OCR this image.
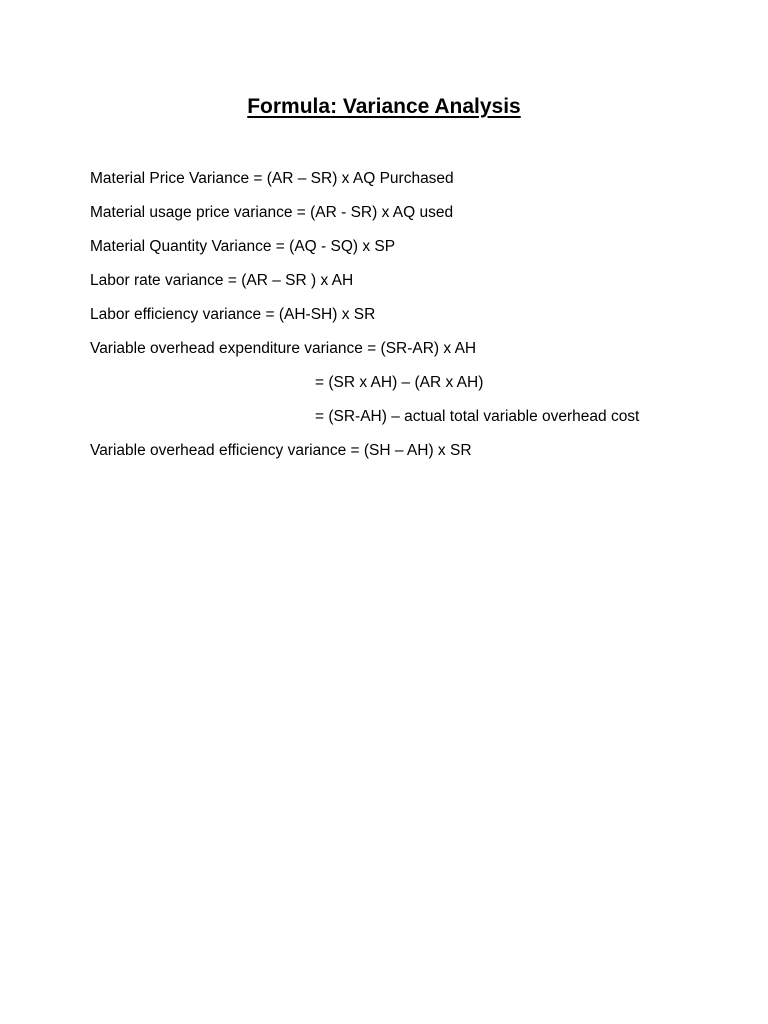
Formula: Variance Analysis
Material Price Variance = (AR – SR) x AQ Purchased
Material usage price variance = (AR - SR) x AQ used
Material Quantity Variance = (AQ - SQ) x SP
Labor rate variance = (AR – SR ) x AH
Labor efficiency variance = (AH-SH) x SR
Variable overhead expenditure variance = (SR-AR) x AH
= (SR x AH) – (AR x AH)
= (SR-AH) – actual total variable overhead cost
Variable overhead efficiency variance = (SH – AH) x SR
